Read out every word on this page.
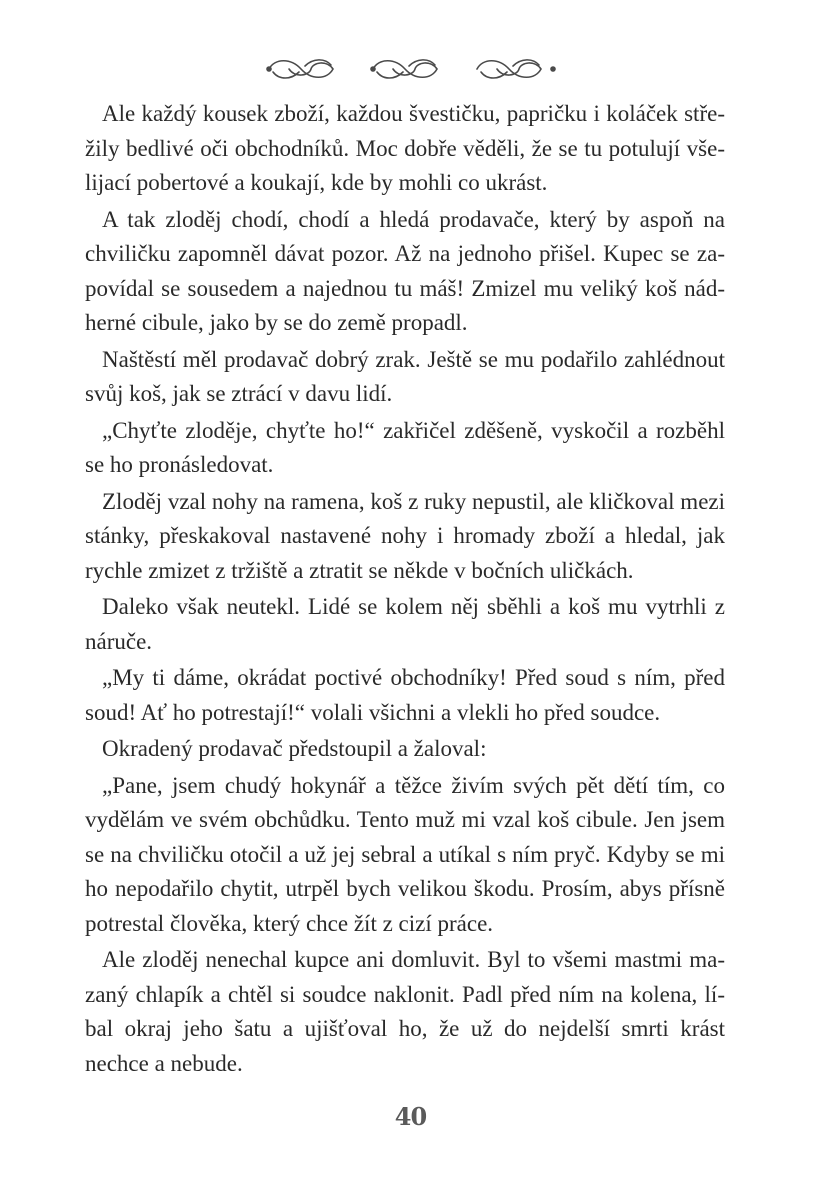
Ale každý kousek zboží, každou švestičku, papričku i koláček střežily bedlivé oči obchodníků. Moc dobře věděli, že se tu potulují všelijací pobertové a koukají, kde by mohli co ukrást.

A tak zloděj chodí, chodí a hledá prodavače, který by aspoň na chviličku zapomněl dávat pozor. Až na jednoho přišel. Kupec se zapovídal se sousedem a najednou tu máš! Zmizel mu veliký koš nádherné cibule, jako by se do země propadl.

Naštěstí měl prodavač dobrý zrak. Ještě se mu podařilo zahlédnout svůj koš, jak se ztrácí v davu lidí.

„Chyťte zloděje, chyťte ho!“ zakřičel zděšeně, vyskočil a rozběhl se ho pronásledovat.

Zloděj vzal nohy na ramena, koš z ruky nepustil, ale kličkoval mezi stánky, přeskakoval nastavené nohy i hromady zboží a hledal, jak rychle zmizet z tržiště a ztratit se někde v bočních uličkách.

Daleko však neutekl. Lidé se kolem něj sběhli a koš mu vytrhli z náruče.

„My ti dáme, okrádat poctivé obchodníky! Před soud s ním, před soud! Ať ho potrestají!“ volali všichni a vlekli ho před soudce.

Okradený prodavač předstoupil a žaloval:

„Pane, jsem chudý hokynář a těžce živím svých pět dětí tím, co vydělám ve svém obchůdku. Tento muž mi vzal koš cibule. Jen jsem se na chviličku otočil a už jej sebral a utíkal s ním pryč. Kdyby se mi ho nepodařilo chytit, utrpěl bych velikou škodu. Prosím, abys přísně potrestal člověka, který chce žít z cizí práce.

Ale zloděj nenechal kupce ani domluvit. Byl to všemi mastmi mazaný chlapík a chtěl si soudce naklonit. Padl před ním na kolena, líbal okraj jeho šatu a ujišťoval ho, že už do nejdelší smrti krást nechce a nebude.

40
